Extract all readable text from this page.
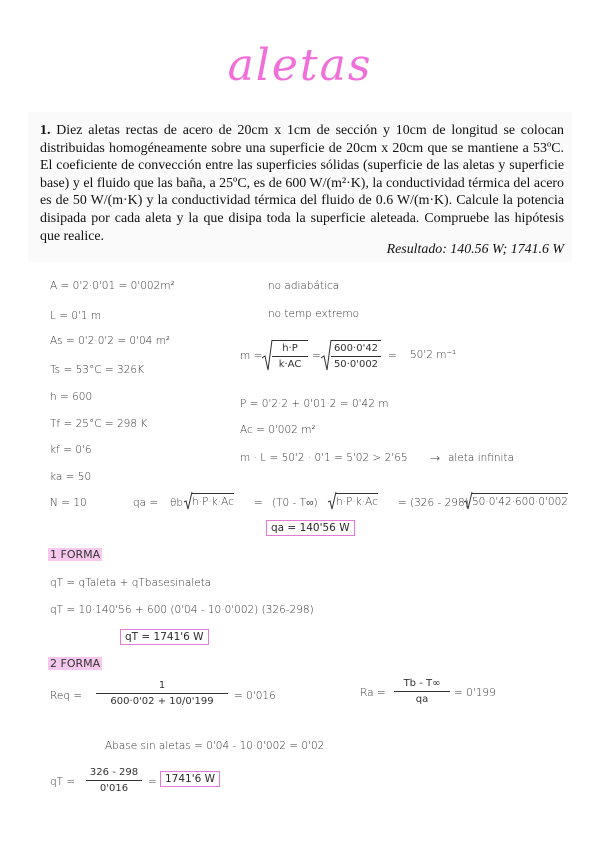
aletas
1. Diez aletas rectas de acero de 20cm x 1cm de sección y 10cm de longitud se colocan distribuidas homogéneamente sobre una superficie de 20cm x 20cm que se mantiene a 53ºC. El coeficiente de convección entre las superficies sólidas (superficie de las aletas y superficie base) y el fluido que las baña, a 25ºC, es de 600 W/(m²·K), la conductividad térmica del acero es de 50 W/(m·K) y la conductividad térmica del fluido de 0.6 W/(m·K). Calcule la potencia disipada por cada aleta y la que disipa toda la superficie aleteada. Compruebe las hipótesis que realice.
Resultado: 140.56 W; 1741.6 W
A = 0'2·0'01 = 0'002m²
L = 0'1 m
As = 0'2·0'2 = 0'04 m²
Ts = 53°C = 326K
h = 600
Tf = 25°C = 298 K
kf = 0'6
ka = 50
N = 10
no adiabática
no temp extremo
m =
h·P
k·AC
=
600·0'42
50·0'002
= 50'2 m⁻¹
P = 0'2·2 + 0'01·2 = 0'42 m
Ac = 0'002 m²
m · L = 50'2 · 0'1 = 5'02 > 2'65 → aleta infinita
qa = θb h·P·k·Ac = (T0 - T∞) h·P·k·Ac = (326 - 298) 50·0'42·600·0'002
qa = 140'56 W
1 FORMA
qT = qTaleta + qTbasesinaleta
qT = 10·140'56 + 600 (0'04 - 10·0'002) (326-298)
qT = 1741'6 W
2 FORMA
Req =
1
600·0'02 + 10/0'199	= 0'016	Ra =
Tb - T∞
qa
= 0'199
Abase sin aletas = 0'04 - 10·0'002 = 0'02
qT =
326 - 298
0'016
= 1741'6 W
